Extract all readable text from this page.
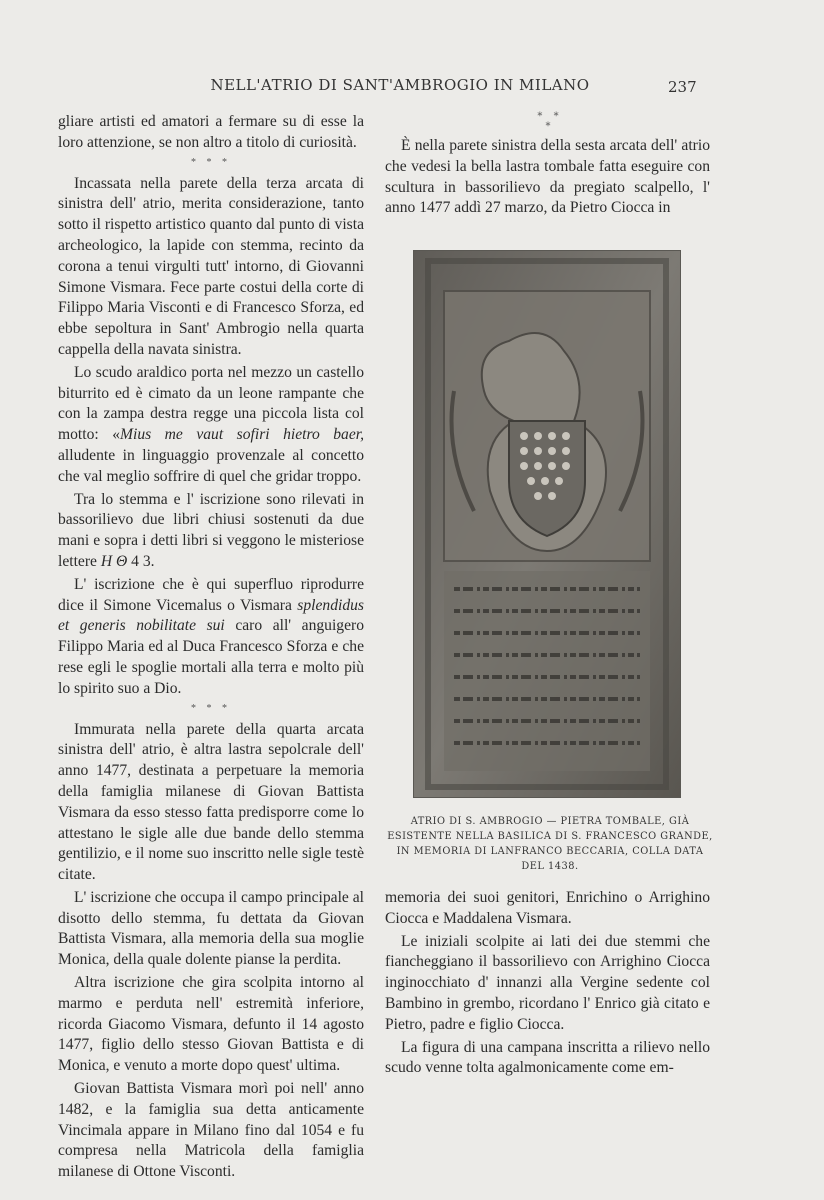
NELL'ATRIO DI SANT'AMBROGIO IN MILANO	237

gliare artisti ed amatori a fermare su di esse la loro attenzione, se non altro a titolo di curiosità.

* * *

Incassata nella parete della terza arcata di sinistra dell' atrio, merita considerazione, tanto sotto il rispetto artistico quanto dal punto di vista archeologico, la lapide con stemma, recinto da corona a tenui virgulti tutt' intorno, di Giovanni Simone Vismara. Fece parte costui della corte di Filippo Maria Visconti e di Francesco Sforza, ed ebbe sepoltura in Sant' Ambrogio nella quarta cappella della navata sinistra.

Lo scudo araldico porta nel mezzo un castello biturrito ed è cimato da un leone rampante che con la zampa destra regge una piccola lista col motto: «Mius me vaut sofiri hietro baer, alludente in linguaggio provenzale al concetto che val meglio soffrire di quel che gridar troppo.

Tra lo stemma e l' iscrizione sono rilevati in bassorilievo due libri chiusi sostenuti da due mani e sopra i detti libri si veggono le misteriose lettere H Θ 4 3.

L' iscrizione che è qui superfluo riprodurre dice il Simone Vicemalus o Vismara splendidus et generis nobilitate sui caro all' anguigero Filippo Maria ed al Duca Francesco Sforza e che rese egli le spoglie mortali alla terra e molto più lo spirito suo a Dio.

* * *

Immurata nella parete della quarta arcata sinistra dell' atrio, è altra lastra sepolcrale dell' anno 1477, destinata a perpetuare la memoria della famiglia milanese di Giovan Battista Vismara da esso stesso fatta predisporre come lo attestano le sigle alle due bande dello stemma gentilizio, e il nome suo inscritto nelle sigle testè citate.

L' iscrizione che occupa il campo principale al disotto dello stemma, fu dettata da Giovan Battista Vismara, alla memoria della sua moglie Monica, della quale dolente pianse la perdita.

Altra iscrizione che gira scolpita intorno al marmo e perduta nell' estremità inferiore, ricorda Giacomo Vismara, defunto il 14 agosto 1477, figlio dello stesso Giovan Battista e di Monica, e venuto a morte dopo quest' ultima.

Giovan Battista Vismara morì poi nell' anno 1482, e la famiglia sua detta anticamente Vincimala appare in Milano fino dal 1054 e fu compresa nella Matricola della famiglia milanese di Ottone Visconti.

* * *

È nella parete sinistra della sesta arcata dell' atrio che vedesi la bella lastra tombale fatta eseguire con scultura in bassorilievo da pregiato scalpello, l' anno 1477 addì 27 marzo, da Pietro Ciocca in

ATRIO DI S. AMBROGIO — PIETRA TOMBALE, GIÀ ESISTENTE NELLA BASILICA DI S. FRANCESCO GRANDE, IN MEMORIA DI LANFRANCO BECCARIA, COLLA DATA DEL 1438.

memoria dei suoi genitori, Enrichino o Arrighino Ciocca e Maddalena Vismara.

Le iniziali scolpite ai lati dei due stemmi che fiancheggiano il bassorilievo con Arrighino Ciocca inginocchiato d' innanzi alla Vergine sedente col Bambino in grembo, ricordano l' Enrico già citato e Pietro, padre e figlio Ciocca.

La figura di una campana inscritta a rilievo nello scudo venne tolta agalmonicamente come em-
